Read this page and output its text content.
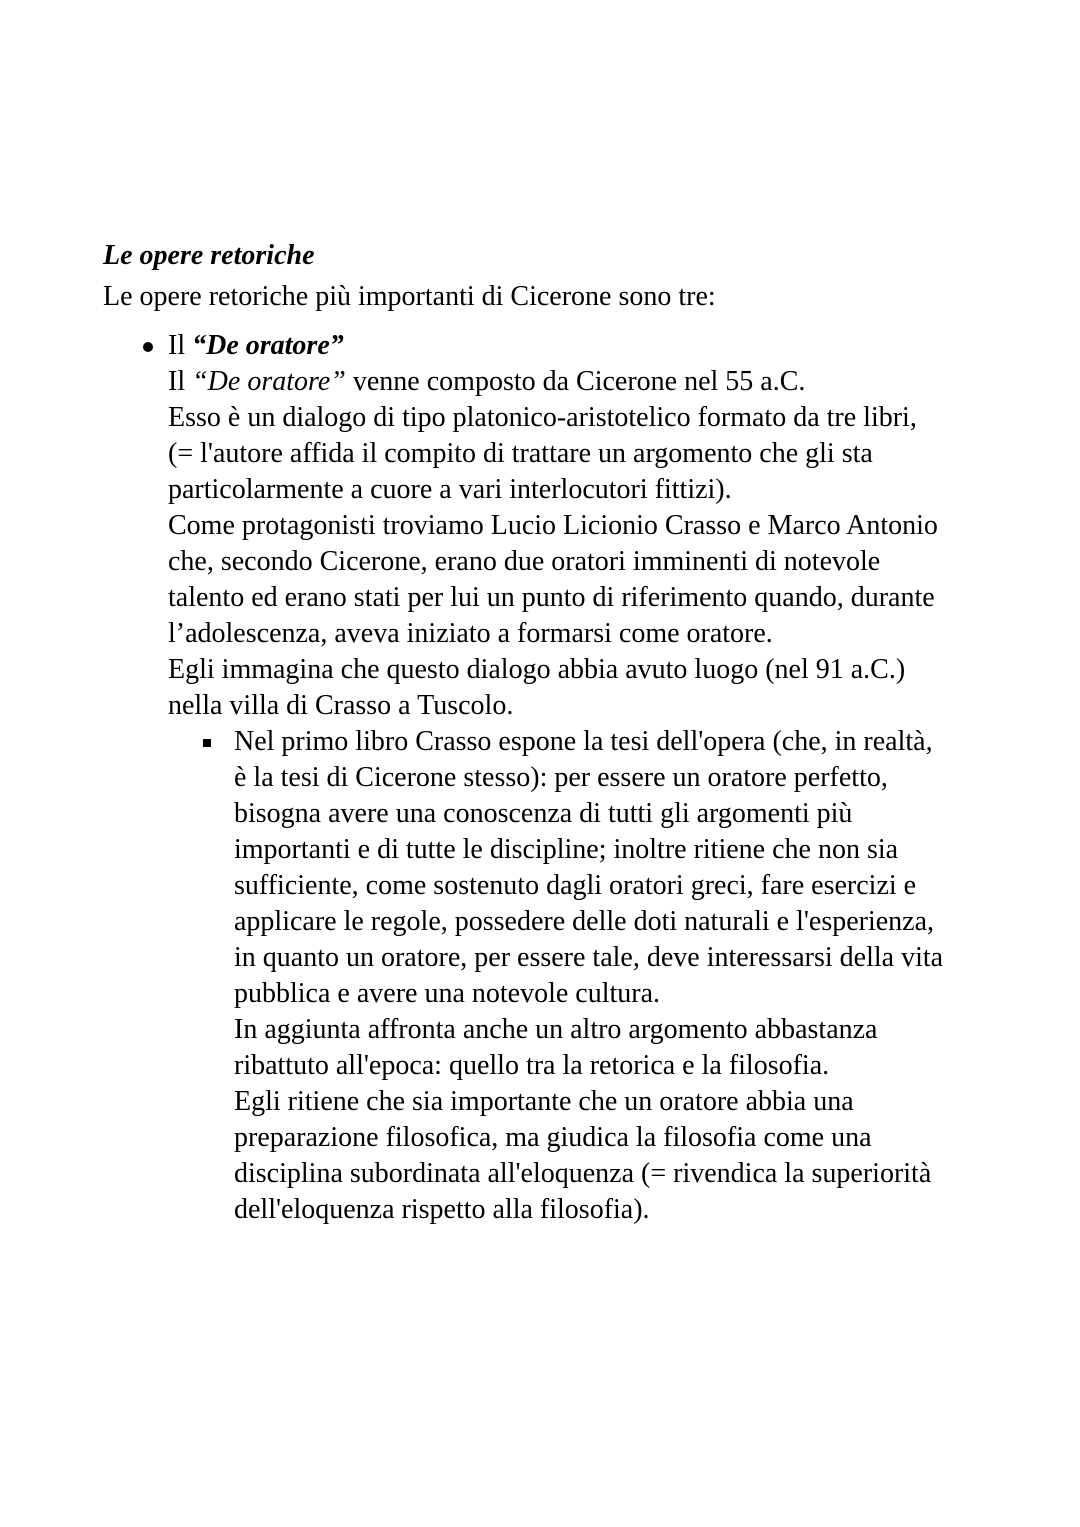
Le opere retoriche
Le opere retoriche più importanti di Cicerone sono tre:
Il “De oratore”
Il “De oratore” venne composto da Cicerone nel 55 a.C.
Esso è un dialogo di tipo platonico-aristotelico formato da tre libri,
(= l'autore affida il compito di trattare un argomento che gli sta
particolarmente a cuore a vari interlocutori fittizi).
Come protagonisti troviamo Lucio Licionio Crasso e Marco Antonio
che, secondo Cicerone, erano due oratori imminenti di notevole
talento ed erano stati per lui un punto di riferimento quando, durante
l’adolescenza, aveva iniziato a formarsi come oratore.
Egli immagina che questo dialogo abbia avuto luogo (nel 91 a.C.)
nella villa di Crasso a Tuscolo.
Nel primo libro Crasso espone la tesi dell'opera (che, in realtà,
è la tesi di Cicerone stesso): per essere un oratore perfetto,
bisogna avere una conoscenza di tutti gli argomenti più
importanti e di tutte le discipline; inoltre ritiene che non sia
sufficiente, come sostenuto dagli oratori greci, fare esercizi e
applicare le regole, possedere delle doti naturali e l'esperienza,
in quanto un oratore, per essere tale, deve interessarsi della vita
pubblica e avere una notevole cultura.
In aggiunta affronta anche un altro argomento abbastanza
ribattuto all'epoca: quello tra la retorica e la filosofia.
Egli ritiene che sia importante che un oratore abbia una
preparazione filosofica, ma giudica la filosofia come una
disciplina subordinata all'eloquenza (= rivendica la superiorità
dell'eloquenza rispetto alla filosofia).
